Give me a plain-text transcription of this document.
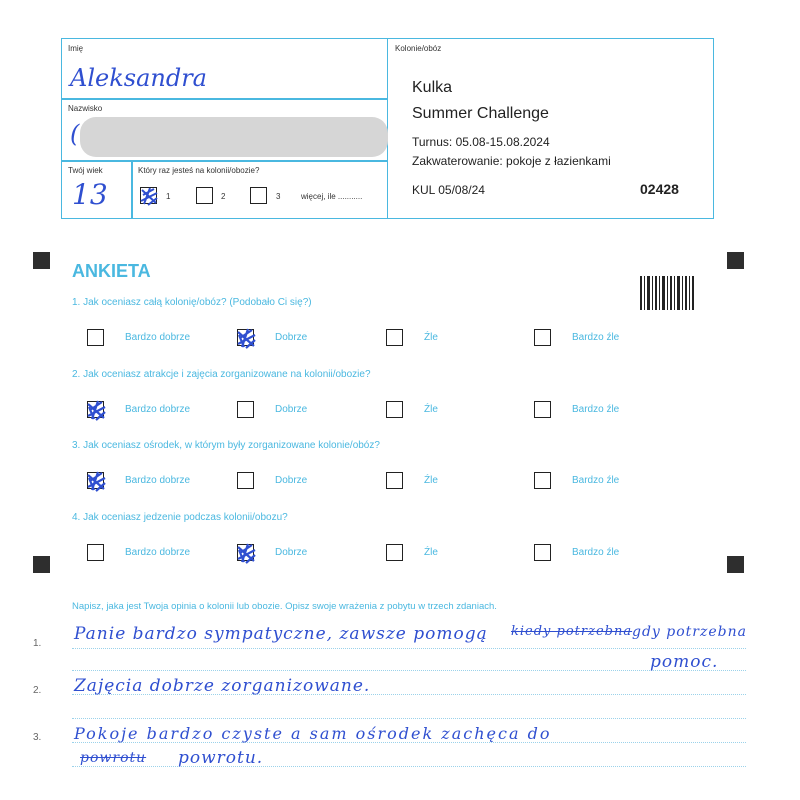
Imię
Aleksandra
Nazwisko
(
Twój wiek
13
Który raz jesteś na kolonii/obozie?
1	2	3	więcej, ile ...........
Kolonie/obóz
Kulka
Summer Challenge
Turnus: 05.08-15.08.2024
Zakwaterowanie: pokoje z łazienkami
KUL 05/08/24	02428
ANKIETA
1. Jak oceniasz całą kolonię/obóz? (Podobało Ci się?)
Bardzo dobrze	Dobrze	Źle	Bardzo źle
2. Jak oceniasz atrakcje i zajęcia zorganizowane na kolonii/obozie?
Bardzo dobrze	Dobrze	Źle	Bardzo źle
3. Jak oceniasz ośrodek, w którym były zorganizowane kolonie/obóz?
Bardzo dobrze	Dobrze	Źle	Bardzo źle
4. Jak oceniasz jedzenie podczas kolonii/obozu?
Bardzo dobrze	Dobrze	Źle	Bardzo źle
Napisz, jaka jest Twoja opinia o kolonii lub obozie. Opisz swoje wrażenia z pobytu w trzech zdaniach.
1.
2.
3.
Panie bardzo sympatyczne, zawsze pomogą kiedy potrzebna gdy potrzebna
pomoc.
Zajęcia dobrze zorganizowane.
Pokoje bardzo czyste a sam ośrodek zachęca do
powrotu powrotu.
